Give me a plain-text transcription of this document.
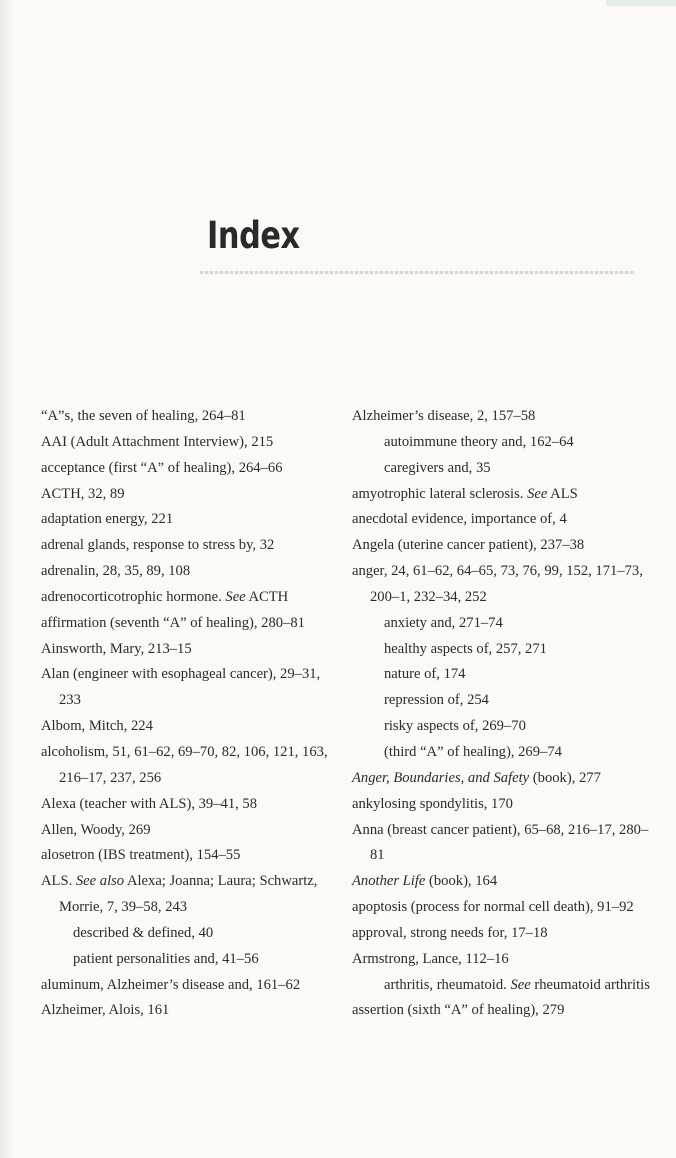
Index
“A”s, the seven of healing, 264–81
AAI (Adult Attachment Interview), 215
acceptance (first “A” of healing), 264–66
ACTH, 32, 89
adaptation energy, 221
adrenal glands, response to stress by, 32
adrenalin, 28, 35, 89, 108
adrenocorticotrophic hormone. See ACTH
affirmation (seventh “A” of healing), 280–81
Ainsworth, Mary, 213–15
Alan (engineer with esophageal cancer), 29–31, 233
Albom, Mitch, 224
alcoholism, 51, 61–62, 69–70, 82, 106, 121, 163, 216–17, 237, 256
Alexa (teacher with ALS), 39–41, 58
Allen, Woody, 269
alosetron (IBS treatment), 154–55
ALS. See also Alexa; Joanna; Laura; Schwartz, Morrie, 7, 39–58, 243
described & defined, 40
patient personalities and, 41–56
aluminum, Alzheimer’s disease and, 161–62
Alzheimer, Alois, 161
Alzheimer’s disease, 2, 157–58
autoimmune theory and, 162–64
caregivers and, 35
amyotrophic lateral sclerosis. See ALS
anecdotal evidence, importance of, 4
Angela (uterine cancer patient), 237–38
anger, 24, 61–62, 64–65, 73, 76, 99, 152, 171–73, 200–1, 232–34, 252
anxiety and, 271–74
healthy aspects of, 257, 271
nature of, 174
repression of, 254
risky aspects of, 269–70
(third “A” of healing), 269–74
Anger, Boundaries, and Safety (book), 277
ankylosing spondylitis, 170
Anna (breast cancer patient), 65–68, 216–17, 280–81
Another Life (book), 164
apoptosis (process for normal cell death), 91–92
approval, strong needs for, 17–18
Armstrong, Lance, 112–16
arthritis, rheumatoid. See rheumatoid arthritis
assertion (sixth “A” of healing), 279
